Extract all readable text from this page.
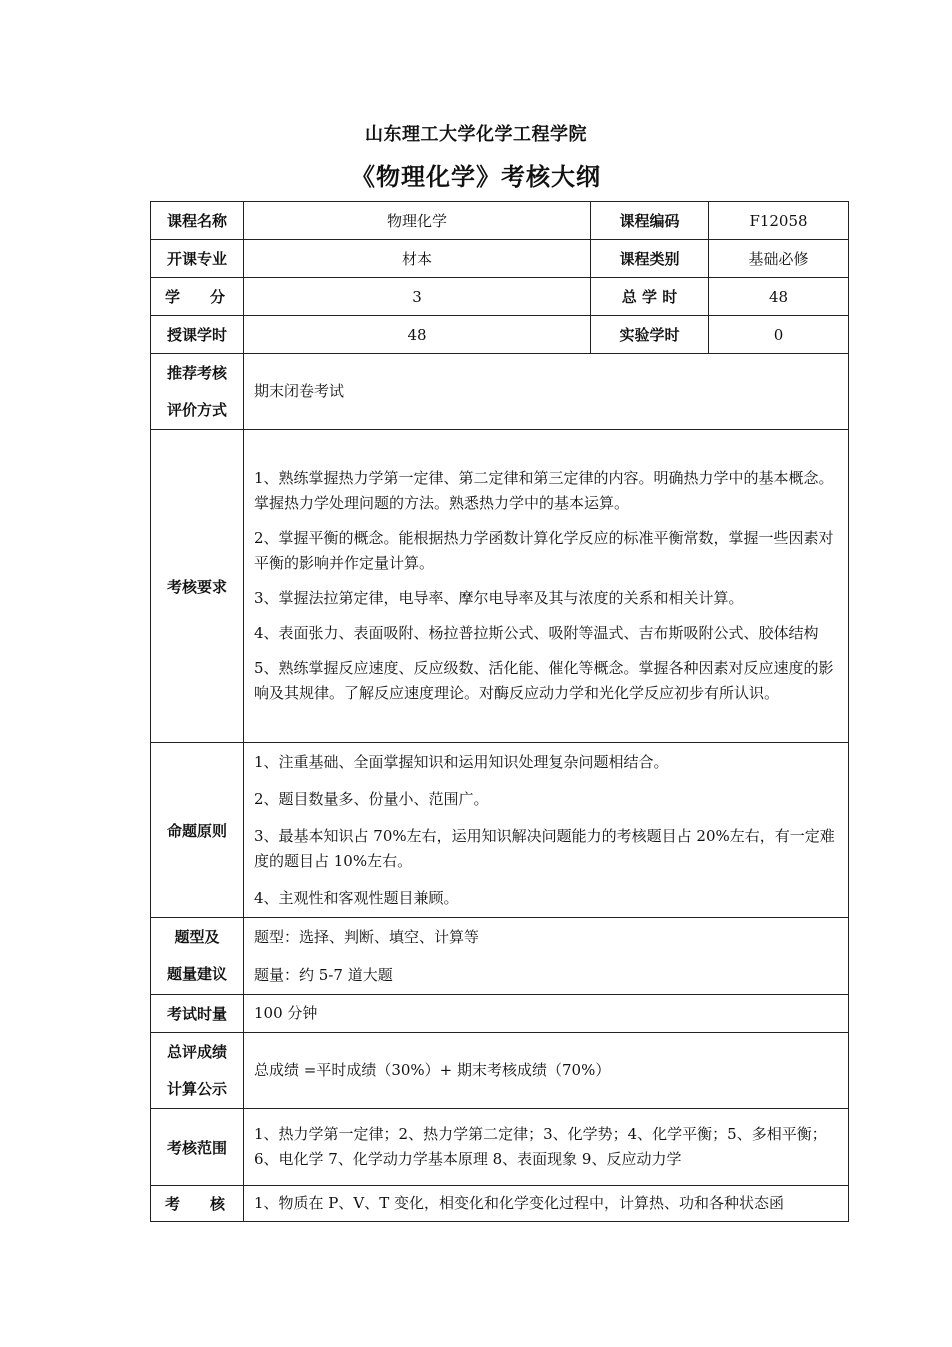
山东理工大学化学工程学院
《物理化学》考核大纲
课程名称	物理化学	课程编码	F12058
开课专业	材本	课程类别	基础必修

学 分	3	总 学 时	48
授课学时	48	实验学时	0

推荐考核
评价方式	期末闭卷考试		
考核要求	1、熟练掌握热力学第一定律、第二定律和第三定律的内容。明确热力学中的基本概念。掌握热力学处理问题的方法。熟悉热力学中的基本运算。

2、掌握平衡的概念。能根据热力学函数计算化学反应的标准平衡常数，掌握一些因素对平衡的影响并作定量计算。

3、掌握法拉第定律，电导率、摩尔电导率及其与浓度的关系和相关计算。

4、表面张力、表面吸附、杨拉普拉斯公式、吸附等温式、吉布斯吸附公式、胶体结构

5、熟练掌握反应速度、反应级数、活化能、催化等概念。掌握各种因素对反应速度的影响及其规律。了解反应速度理论。对酶反应动力学和光化学反应初步有所认识。		

命题原则	1、注重基础、全面掌握知识和运用知识处理复杂问题相结合。

2、题目数量多、份量小、范围广。

3、最基本知识占 70%左右，运用知识解决问题能力的考核题目占 20%左右，有一定难度的题目占 10%左右。

4、主观性和客观性题目兼顾。		

题型及
题量建议	题型：选择、判断、填空、计算等
题量：约 5-7 道大题		

考试时量	100 分钟		

总评成绩
计算公示	总成绩 =平时成绩（30%）+ 期末考核成绩（70%）		
考核范围	1、热力学第一定律；2、热力学第二定律；3、化学势；4、化学平衡；5、多相平衡；6、电化学 7、化学动力学基本原理 8、表面现象 9、反应动力学		

考 核	1、物质在 P、V、T 变化，相变化和化学变化过程中，计算热、功和各种状态函		
